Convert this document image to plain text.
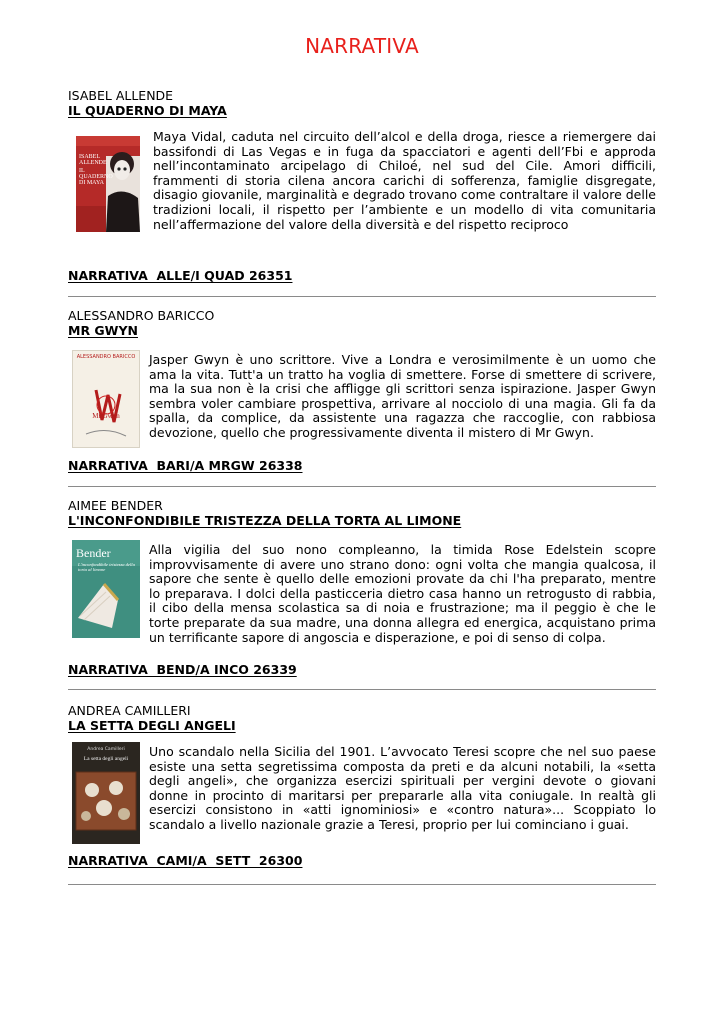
NARRATIVA
ISABEL ALLENDE
IL QUADERNO DI MAYA
ISABEL ALLENDE
IL QUADERNO DI MAYA
Maya Vidal, caduta nel circuito dell’alcol e della droga, riesce a riemergere dai bassifondi di Las Vegas e in fuga da spacciatori e agenti dell’Fbi e approda nell’incontaminato arcipelago di Chiloé, nel sud del Cile. Amori difficili, frammenti di storia cilena ancora carichi di sofferenza, famiglie disgregate, disagio giovanile, marginalità e degrado trovano come contraltare il valore delle tradizioni locali, il rispetto per l’ambiente e un modello di vita comunitaria nell’affermazione del valore della diversità e del rispetto reciproco
NARRATIVA  ALLE/I QUAD 26351
ALESSANDRO BARICCO
MR GWYN
ALESSANDRO BARICCO
Mr Gwyn
Jasper Gwyn è uno scrittore. Vive a Londra e verosimilmente è un uomo che ama la vita. Tutt'a un tratto ha voglia di smettere. Forse di smettere di scrivere, ma la sua non è la crisi che affligge gli scrittori senza ispirazione. Jasper Gwyn sembra voler cambiare prospettiva, arrivare al nocciolo di una magia. Gli fa da spalla, da complice, da assistente una ragazza che raccoglie, con rabbiosa devozione, quello che progressivamente diventa il mistero di Mr Gwyn.
NARRATIVA  BARI/A MRGW 26338
AIMEE BENDER
L'INCONFONDIBILE TRISTEZZA DELLA TORTA AL LIMONE
Bender
L'inconfondibile tristezza della torta al limone
Alla vigilia del suo nono compleanno, la timida Rose Edelstein scopre improvvisamente di avere uno strano dono: ogni volta che mangia qualcosa, il sapore che sente è quello delle emozioni provate da chi l'ha preparato, mentre lo preparava. I dolci della pasticceria dietro casa hanno un retrogusto di rabbia, il cibo della mensa scolastica sa di noia e frustrazione; ma il peggio è che le torte preparate da sua madre, una donna allegra ed energica, acquistano prima un terrificante sapore di angoscia e disperazione, e poi di senso di colpa.
NARRATIVA  BEND/A INCO 26339
ANDREA CAMILLERI
LA SETTA DEGLI ANGELI
Andrea Camilleri
La setta degli angeli	Uno scandalo nella Sicilia del 1901. L’avvocato Teresi scopre che nel suo paese esiste una setta segretissima composta da preti e da alcuni notabili, la «setta degli angeli», che organizza esercizi spirituali per vergini devote o giovani donne in procinto di maritarsi per prepararle alla vita coniugale. In realtà gli esercizi consistono in «atti ignominiosi» e «contro natura»... Scoppiato lo scandalo a livello nazionale grazie a Teresi, proprio per lui cominciano i guai.
NARRATIVA  CAMI/A  SETT  26300
